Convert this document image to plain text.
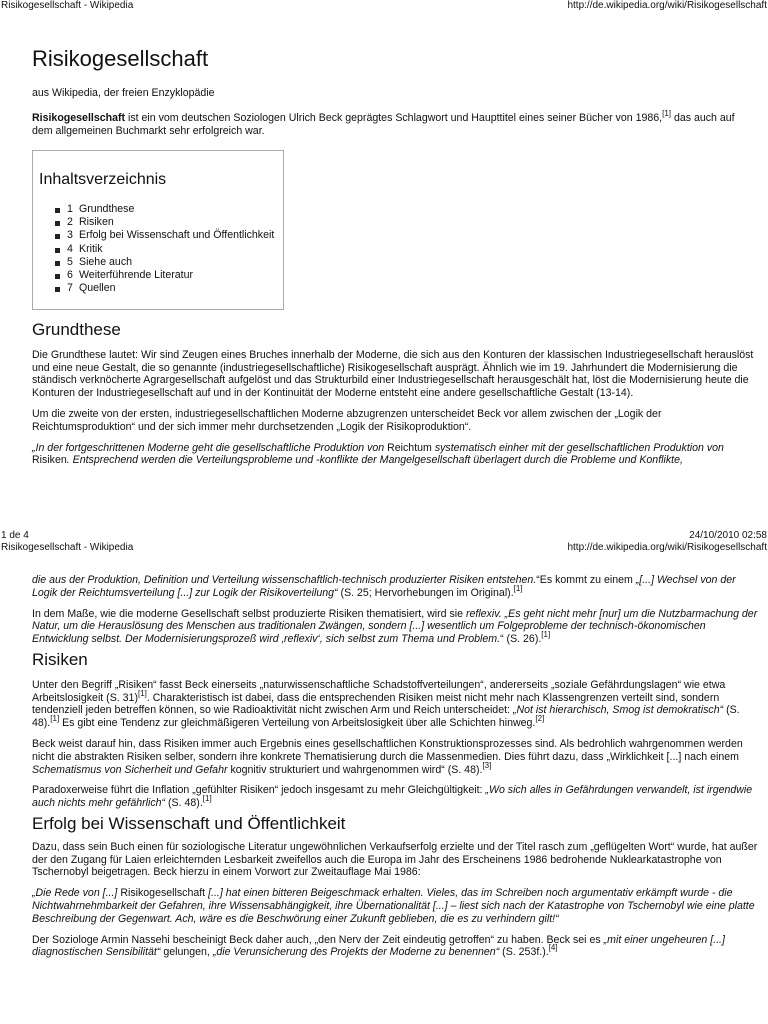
Risikogesellschaft - Wikipedia	http://de.wikipedia.org/wiki/Risikogesellschaft
Risikogesellschaft
aus Wikipedia, der freien Enzyklopädie

Risikogesellschaft ist ein vom deutschen Soziologen Ulrich Beck geprägtes Schlagwort und Haupttitel eines seiner Bücher von 1986,[1] das auch auf dem allgemeinen Buchmarkt sehr erfolgreich war.

Inhaltsverzeichnis
1 Grundthese
2 Risiken
3 Erfolg bei Wissenschaft und Öffentlichkeit
4 Kritik
5 Siehe auch
6 Weiterführende Literatur
7 Quellen
Grundthese

Die Grundthese lautet: Wir sind Zeugen eines Bruches innerhalb der Moderne, die sich aus den Konturen der klassischen Industriegesellschaft herauslöst und eine neue Gestalt, die so genannte (industriegesellschaftliche) Risikogesellschaft ausprägt. Ähnlich wie im 19. Jahrhundert die Modernisierung die ständisch verknöcherte Agrargesellschaft aufgelöst und das Strukturbild einer Industriegesellschaft herausgeschält hat, löst die Modernisierung heute die Konturen der Industriegesellschaft auf und in der Kontinuität der Moderne entsteht eine andere gesellschaftliche Gestalt (13-14).

Um die zweite von der ersten, industriegesellschaftlichen Moderne abzugrenzen unterscheidet Beck vor allem zwischen der „Logik der Reichtumsproduktion“ und der sich immer mehr durchsetzenden „Logik der Risikoproduktion“.

„In der fortgeschrittenen Moderne geht die gesellschaftliche Produktion von Reichtum systematisch einher mit der gesellschaftlichen Produktion von Risiken. Entsprechend werden die Verteilungsprobleme und -konflikte der Mangelgesellschaft überlagert durch die Probleme und Konflikte,

1 de 4	24/10/2010 02:58
Risikogesellschaft - Wikipedia	http://de.wikipedia.org/wiki/Risikogesellschaft

die aus der Produktion, Definition und Verteilung wissenschaftlich-technisch produzierter Risiken entstehen.“Es kommt zu einem „[...] Wechsel von der Logik der Reichtumsverteilung [...] zur Logik der Risikoverteilung“ (S. 25; Hervorhebungen im Original).[1]

In dem Maße, wie die moderne Gesellschaft selbst produzierte Risiken thematisiert, wird sie reflexiv. „Es geht nicht mehr [nur] um die Nutzbarmachung der Natur, um die Herauslösung des Menschen aus traditionalen Zwängen, sondern [...] wesentlich um Folgeprobleme der technisch-ökonomischen Entwicklung selbst. Der Modernisierungsprozeß wird ‚reflexiv‘, sich selbst zum Thema und Problem.“ (S. 26).[1]

Risiken

Unter den Begriff „Risiken“ fasst Beck einerseits „naturwissenschaftliche Schadstoffverteilungen“, andererseits „soziale Gefährdungslagen“ wie etwa Arbeitslosigkeit (S. 31)[1]. Charakteristisch ist dabei, dass die entsprechenden Risiken meist nicht mehr nach Klassengrenzen verteilt sind, sondern tendenziell jeden betreffen können, so wie Radioaktivität nicht zwischen Arm und Reich unterscheidet: „Not ist hierarchisch, Smog ist demokratisch“ (S. 48).[1] Es gibt eine Tendenz zur gleichmäßigeren Verteilung von Arbeitslosigkeit über alle Schichten hinweg.[2]

Beck weist darauf hin, dass Risiken immer auch Ergebnis eines gesellschaftlichen Konstruktionsprozesses sind. Als bedrohlich wahrgenommen werden nicht die abstrakten Risiken selber, sondern ihre konkrete Thematisierung durch die Massenmedien. Dies führt dazu, dass „Wirklichkeit [...] nach einem Schematismus von Sicherheit und Gefahr kognitiv strukturiert und wahrgenommen wird“ (S. 48).[3]

Paradoxerweise führt die Inflation „gefühlter Risiken“ jedoch insgesamt zu mehr Gleichgültigkeit: „Wo sich alles in Gefährdungen verwandelt, ist irgendwie auch nichts mehr gefährlich“ (S. 48).[1]

Erfolg bei Wissenschaft und Öffentlichkeit

Dazu, dass sein Buch einen für soziologische Literatur ungewöhnlichen Verkaufserfolg erzielte und der Titel rasch zum „geflügelten Wort“ wurde, hat außer der den Zugang für Laien erleichternden Lesbarkeit zweifellos auch die Europa im Jahr des Erscheinens 1986 bedrohende Nuklearkatastrophe von Tschernobyl beigetragen. Beck hierzu in einem Vorwort zur Zweitauflage Mai 1986:

„Die Rede von [...] Risikogesellschaft [...] hat einen bitteren Beigeschmack erhalten. Vieles, das im Schreiben noch argumentativ erkämpft wurde - die Nichtwahrnehmbarkeit der Gefahren, ihre Wissensabhängigkeit, ihre Übernationalität [...] – liest sich nach der Katastrophe von Tschernobyl wie eine platte Beschreibung der Gegenwart. Ach, wäre es die Beschwörung einer Zukunft geblieben, die es zu verhindern gilt!“

Der Soziologe Armin Nassehi bescheinigt Beck daher auch, „den Nerv der Zeit eindeutig getroffen“ zu haben. Beck sei es „mit einer ungeheuren [...] diagnostischen Sensibilität“ gelungen, „die Verunsicherung des Projekts der Moderne zu benennen“ (S. 253f.).[4]
